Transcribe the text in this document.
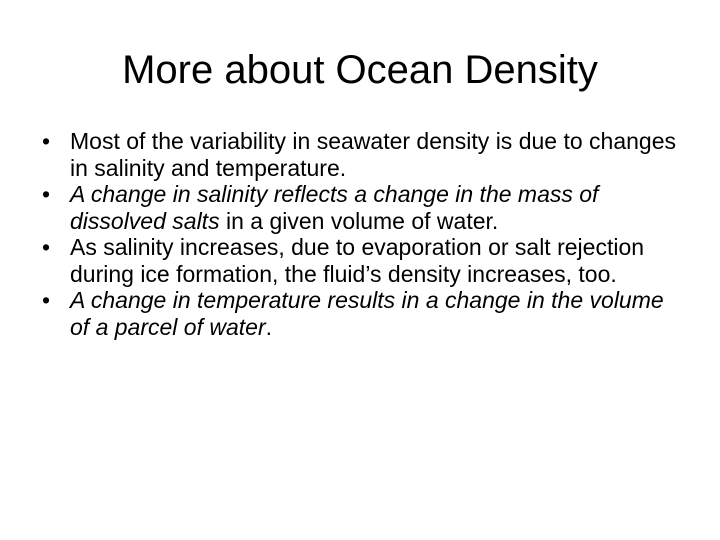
More about Ocean Density
• Most of the variability in seawater density is due to changes in salinity and temperature.
• A change in salinity reflects a change in the mass of dissolved salts in a given volume of water.
• As salinity increases, due to evaporation or salt rejection during ice formation, the fluid’s density increases, too.
• A change in temperature results in a change in the volume of a parcel of water.
